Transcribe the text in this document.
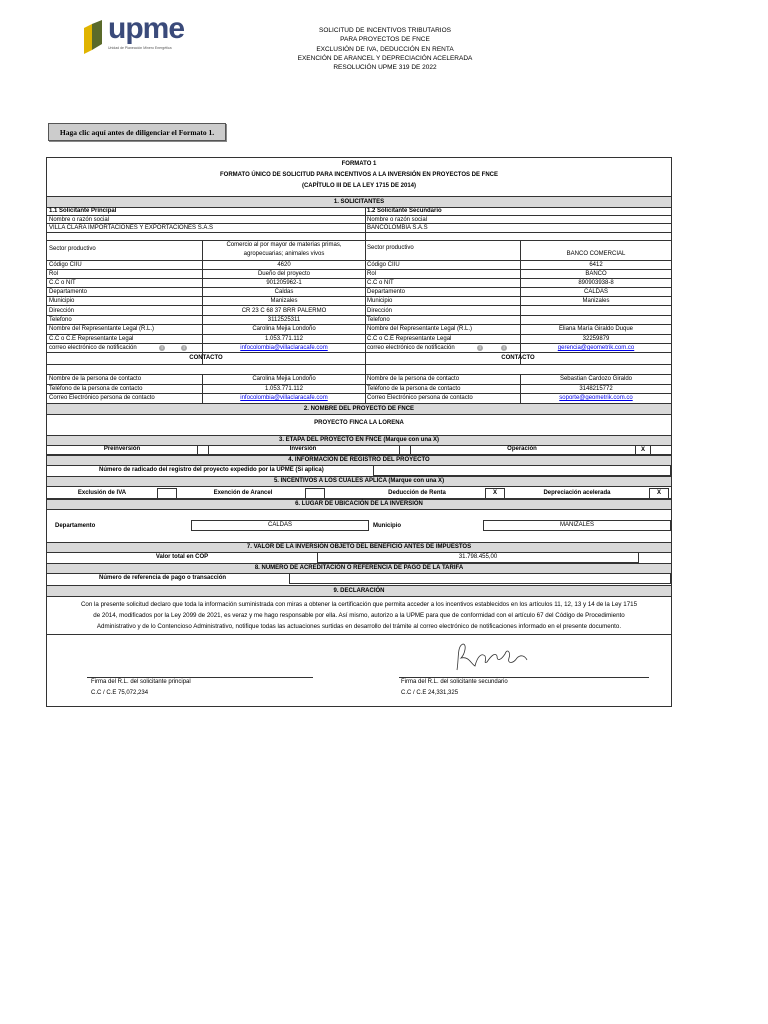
upme
Unidad de Planeación Minero Energética
SOLICITUD DE INCENTIVOS TRIBUTARIOS
PARA PROYECTOS DE FNCE
EXCLUSIÓN DE IVA, DEDUCCIÓN EN RENTA
EXENCIÓN DE ARANCEL Y DEPRECIACIÓN ACELERADA
RESOLUCIÓN UPME 319 DE 2022
Haga clic aquí antes de diligenciar el Formato 1.
FORMATO 1
FORMATO ÚNICO DE SOLICITUD PARA INCENTIVOS A LA INVERSIÓN EN PROYECTOS DE FNCE
(CAPÍTULO III DE LA LEY 1715 DE 2014)
1. SOLICITANTES
1.1 Solicitante Principal
Nombre o razón social
VILLA CLARA IMPORTACIONES Y EXPORTACIONES S.A.S
Sector productivo
Comercio al por mayor de materias primas,
agropecuarias; animales vivos
Código CIIU	4620
Rol	Dueño del proyecto
C.C o NIT	901205962-1
Departamento	Caldas
Municipio	Manizales
Dirección	CR 23 C 68 37 BRR PALERMO
Telefono	3112525311
Nombre del Representante Legal (R.L.)	Carolina Mejia Londoño
C.C o C.E Representante Legal	1.053.771.112
correo electrónico de notificación	i	i	infocolombia@villaclaracafe.com
1.2 Solicitante Secundario
Nombre o razón social
BANCOLOMBIA S.A.S
Sector productivo
BANCO COMERCIAL
Código CIIU	6412
Rol	BANCO
C.C o NIT	890903938-8
Departamento	CALDAS
Municipio	Manizales
Dirección
Telefono
Nombre del Representante Legal (R.L.)	Eliana María Giraldo Duque
C.C o C.E Representante Legal	32259879
correo electrónico de notificación	i	i	gerencia@geometrik.com.co
CONTACTO	CONTACTO
Nombre de la persona de contacto	Carolina Mejia Londoño
Teléfono de la persona de contacto	1.053.771.112
Correo Electrónico persona de contacto	infocolombia@villaclaracafe.com
Nombre de la persona de contacto	Sebastian Cardozo Giraldo
Teléfono de la persona de contacto	3148215772
Correo Electrónico persona de contacto	soporte@geometrik.com.co
2. NOMBRE DEL PROYECTO DE FNCE
PROYECTO FINCA LA LORENA
3. ETAPA DEL PROYECTO EN FNCE (Marque con una X)
Preinversión	Inversión	Operación	X
4. INFORMACIÓN DE REGISTRO DEL PROYECTO
Número de radicado del registro del proyecto expedido por la UPME (Si aplica)
5. INCENTIVOS A LOS CUALES APLICA (Marque con una X)
Exclusión de IVA	Exención de Arancel	Deducción de Renta	X	Depreciación acelerada	X
6. LUGAR DE UBICACIÓN DE LA INVERSIÓN
Departamento	CALDAS	Municipio	MANIZALES
7. VALOR DE LA INVERSIÓN OBJETO DEL BENEFICIO ANTES DE IMPUESTOS
Valor total en COP	31.798.455,00
8. NÚMERO DE ACREDITACIÓN O REFERENCIA DE PAGO DE LA TARIFA
Número de referencia de pago o transacción
9. DECLARACIÓN
Con la presente solicitud declaro que toda la información suministrada con miras a obtener la certificación que permita acceder a los incentivos establecidos en los artículos 11, 12, 13 y 14 de la Ley 1715
de 2014, modificados por la Ley 2099 de 2021, es veraz y me hago responsable por ella. Así mismo, autorizo a la UPME para que de conformidad con el artículo 67 del Código de Procedimiento
Administrativo y de lo Contencioso Administrativo, notifique todas las actuaciones surtidas en desarrollo del trámite al correo electrónico de notificaciones informado en el presente documento.
Firma del R.L. del solicitante principal
C.C / C.E 75,072,234
Firma del R.L. del solicitante secundario
C.C / C.E 24,331,325
